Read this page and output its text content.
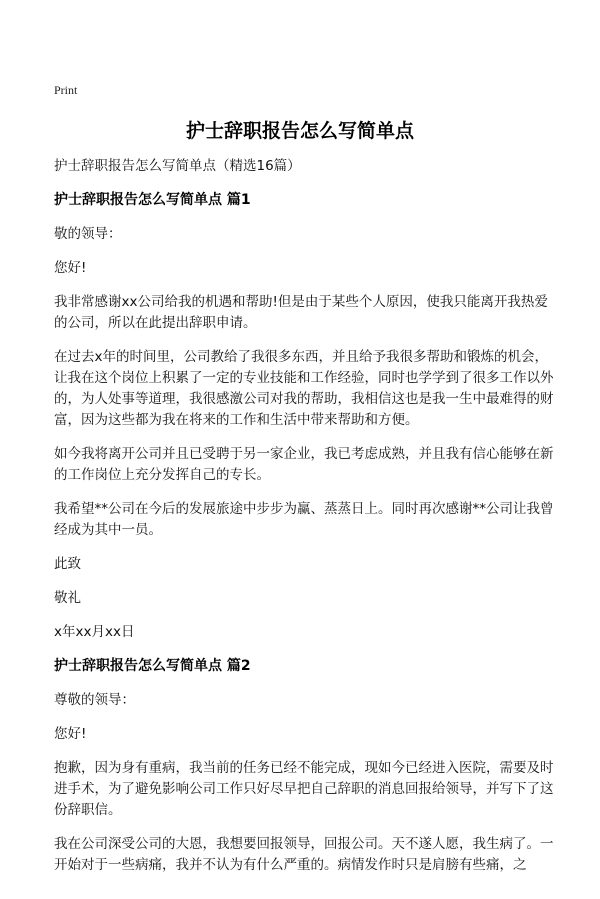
Print
护士辞职报告怎么写简单点

护士辞职报告怎么写简单点（精选16篇）

护士辞职报告怎么写简单点 篇1

敬的领导：

您好!

我非常感谢xx公司给我的机遇和帮助!但是由于某些个人原因，使我只能离开我热爱的公司，所以在此提出辞职申请。

在过去x年的时间里，公司教给了我很多东西，并且给予我很多帮助和锻炼的机会，让我在这个岗位上积累了一定的专业技能和工作经验，同时也学学到了很多工作以外的，为人处事等道理，我很感激公司对我的帮助，我相信这也是我一生中最难得的财富，因为这些都为我在将来的工作和生活中带来帮助和方便。

如今我将离开公司并且已受聘于另一家企业，我已考虑成熟，并且我有信心能够在新的工作岗位上充分发挥自己的专长。

我希望**公司在今后的发展旅途中步步为赢、蒸蒸日上。同时再次感谢**公司让我曾经成为其中一员。

此致

敬礼

x年xx月xx日

护士辞职报告怎么写简单点 篇2

尊敬的领导：

您好!

抱歉，因为身有重病，我当前的任务已经不能完成，现如今已经进入医院，需要及时进手术，为了避免影响公司工作只好尽早把自己辞职的消息回报给领导，并写下了这份辞职信。

我在公司深受公司的大恩，我想要回报领导，回报公司。天不遂人愿，我生病了。一开始对于一些病痛，我并不认为有什么严重的。病情发作时只是肩膀有些痛，之
